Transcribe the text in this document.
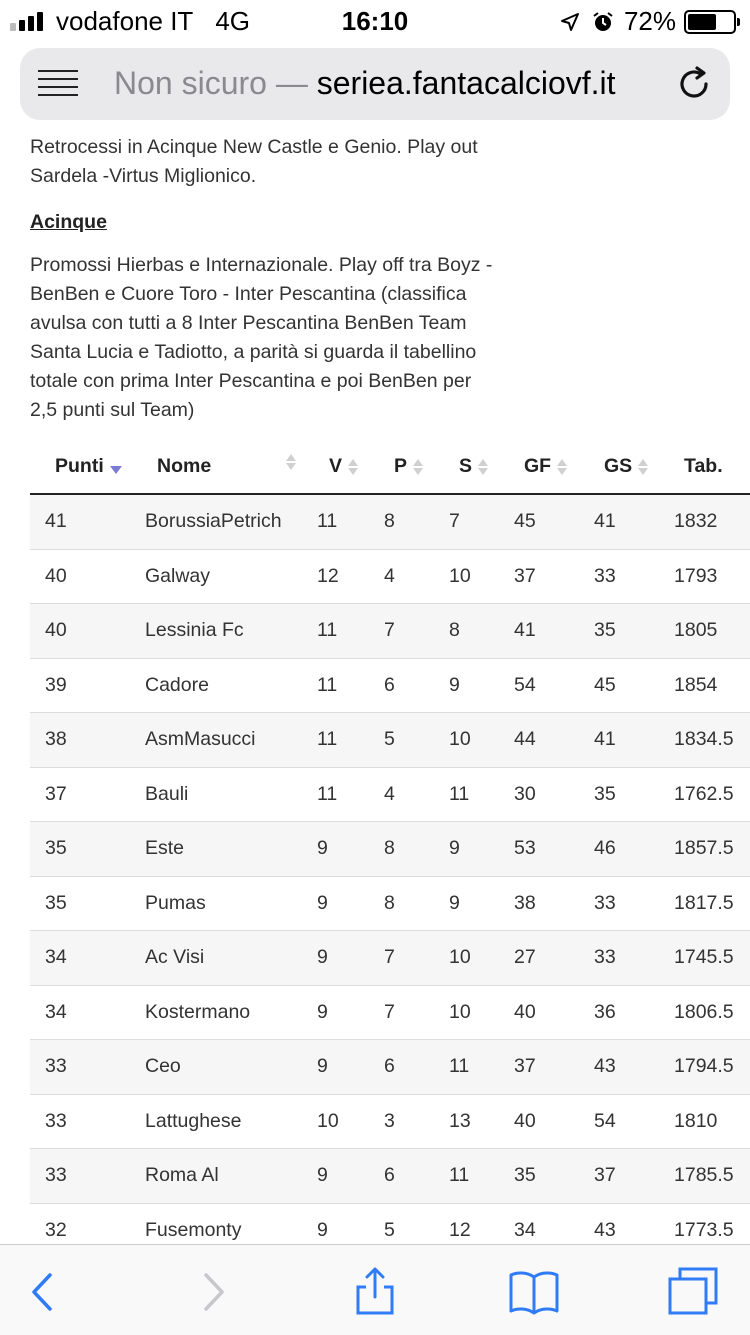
vodafone IT 4G	16:10	72%
Non sicuro — seriea.fantacalciovf.it

Retrocessi in Acinque New Castle e Genio. Play out

Sardela -Virtus Miglionico.

Acinque

Promossi Hierbas e Internazionale. Play off tra Boyz -

BenBen e Cuore Toro - Inter Pescantina (classifica

avulsa con tutti a 8 Inter Pescantina BenBen Team

Santa Lucia e Tadiotto, a parità si guarda il tabellino

totale con prima Inter Pescantina e poi BenBen per

2,5 punti sul Team)

Punti	Nome	V	P	S	GF	GS	Tab.
41	BorussiaPetrich	11	8	7	45	41	1832
40	Galway	12	4	10	37	33	1793
40	Lessinia Fc	11	7	8	41	35	1805
39	Cadore	11	6	9	54	45	1854
38	AsmMasucci	11	5	10	44	41	1834.5
37	Bauli	11	4	11	30	35	1762.5
35	Este	9	8	9	53	46	1857.5
35	Pumas	9	8	9	38	33	1817.5
34	Ac Visi	9	7	10	27	33	1745.5
34	Kostermano	9	7	10	40	36	1806.5
33	Ceo	9	6	11	37	43	1794.5
33	Lattughese	10	3	13	40	54	1810
33	Roma Al	9	6	11	35	37	1785.5
32	Fusemonty	9	5	12	34	43	1773.5
